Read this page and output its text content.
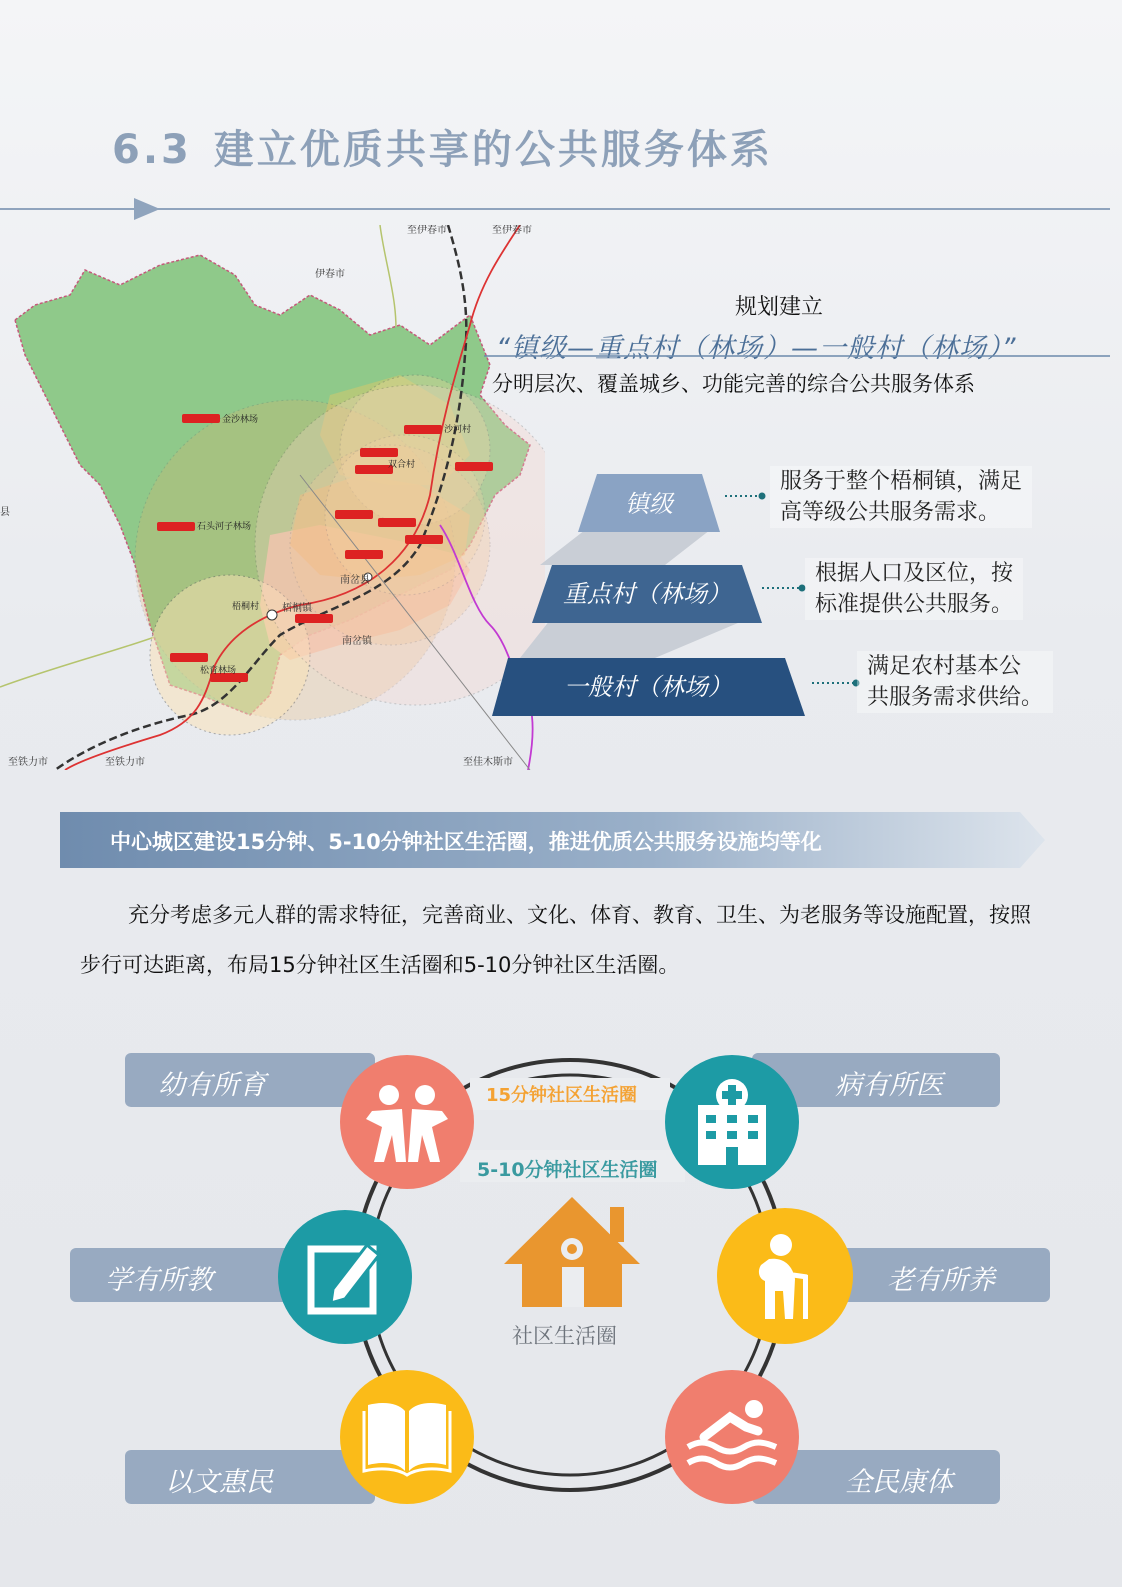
6.3 建立优质共享的公共服务体系
至伊春市	至伊春市
伊春市
县
金沙林场
石头河子林场
沙河村
双合村
梧桐镇
南岔县
南岔镇
梧桐村
松育林场
至铁力市	至铁力市	至佳木斯市
规划建立
“镇级—重点村（林场）—一般村（林场）”
分明层次、覆盖城乡、功能完善的综合公共服务体系
镇级
重点村（林场）
一般村（林场）
服务于整个梧桐镇，满足
高等级公共服务需求。
根据人口及区位，按
标准提供公共服务。
满足农村基本公
共服务需求供给。
中心城区建设15分钟、5-10分钟社区生活圈，推进优质公共服务设施均等化
充分考虑多元人群的需求特征，完善商业、文化、体育、教育、卫生、为老服务等设施配置，按照步行可达距离，布局15分钟社区生活圈和5-10分钟社区生活圈。
幼有所育	病有所医
学有所教	老有所养
以文惠民	全民康体
15分钟社区生活圈
5-10分钟社区生活圈
社区生活圈
